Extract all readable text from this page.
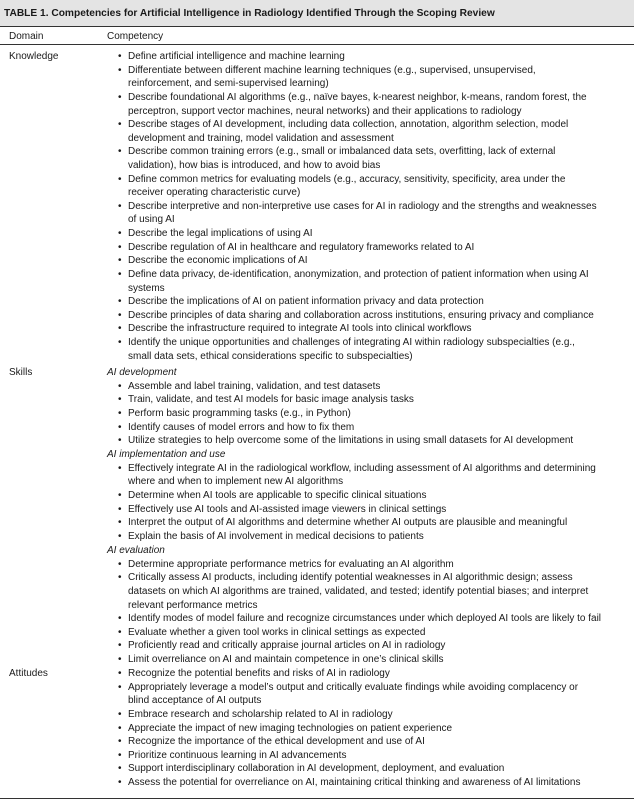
TABLE 1. Competencies for Artificial Intelligence in Radiology Identified Through the Scoping Review
Domain	Competency
Knowledge
Skills
Attitudes
AI development
AI implementation and use
AI evaluation
• Define artificial intelligence and machine learning
• Differentiate between different machine learning techniques (e.g., supervised, unsupervised,
reinforcement, and semi-supervised learning)
• Describe foundational AI algorithms (e.g., naïve bayes, k-nearest neighbor, k-means, random forest, the
perceptron, support vector machines, neural networks) and their applications to radiology
• Describe stages of AI development, including data collection, annotation, algorithm selection, model
development and training, model validation and assessment
• Describe common training errors (e.g., small or imbalanced data sets, overfitting, lack of external
validation), how bias is introduced, and how to avoid bias
• Define common metrics for evaluating models (e.g., accuracy, sensitivity, specificity, area under the
receiver operating characteristic curve)
• Describe interpretive and non-interpretive use cases for AI in radiology and the strengths and weaknesses
of using AI
• Describe the legal implications of using AI
• Describe regulation of AI in healthcare and regulatory frameworks related to AI
• Describe the economic implications of AI
• Define data privacy, de-identification, anonymization, and protection of patient information when using AI
systems
• Describe the implications of AI on patient information privacy and data protection
• Describe principles of data sharing and collaboration across institutions, ensuring privacy and compliance
• Describe the infrastructure required to integrate AI tools into clinical workflows
• Identify the unique opportunities and challenges of integrating AI within radiology subspecialties (e.g.,
small data sets, ethical considerations specific to subspecialties)
• Assemble and label training, validation, and test datasets
• Train, validate, and test AI models for basic image analysis tasks
• Perform basic programming tasks (e.g., in Python)
• Identify causes of model errors and how to fix them
• Utilize strategies to help overcome some of the limitations in using small datasets for AI development
• Effectively integrate AI in the radiological workflow, including assessment of AI algorithms and determining
where and when to implement new AI algorithms
• Determine when AI tools are applicable to specific clinical situations
• Effectively use AI tools and AI-assisted image viewers in clinical settings
• Interpret the output of AI algorithms and determine whether AI outputs are plausible and meaningful
• Explain the basis of AI involvement in medical decisions to patients
• Determine appropriate performance metrics for evaluating an AI algorithm
• Critically assess AI products, including identify potential weaknesses in AI algorithmic design; assess
datasets on which AI algorithms are trained, validated, and tested; identify potential biases; and interpret
relevant performance metrics
• Identify modes of model failure and recognize circumstances under which deployed AI tools are likely to fail
• Evaluate whether a given tool works in clinical settings as expected
• Proficiently read and critically appraise journal articles on AI in radiology
• Limit overreliance on AI and maintain competence in one’s clinical skills
• Recognize the potential benefits and risks of AI in radiology
• Appropriately leverage a model’s output and critically evaluate findings while avoiding complacency or
blind acceptance of AI outputs
• Embrace research and scholarship related to AI in radiology
• Appreciate the impact of new imaging technologies on patient experience
• Recognize the importance of the ethical development and use of AI
• Prioritize continuous learning in AI advancements
• Support interdisciplinary collaboration in AI development, deployment, and evaluation
• Assess the potential for overreliance on AI, maintaining critical thinking and awareness of AI limitations
